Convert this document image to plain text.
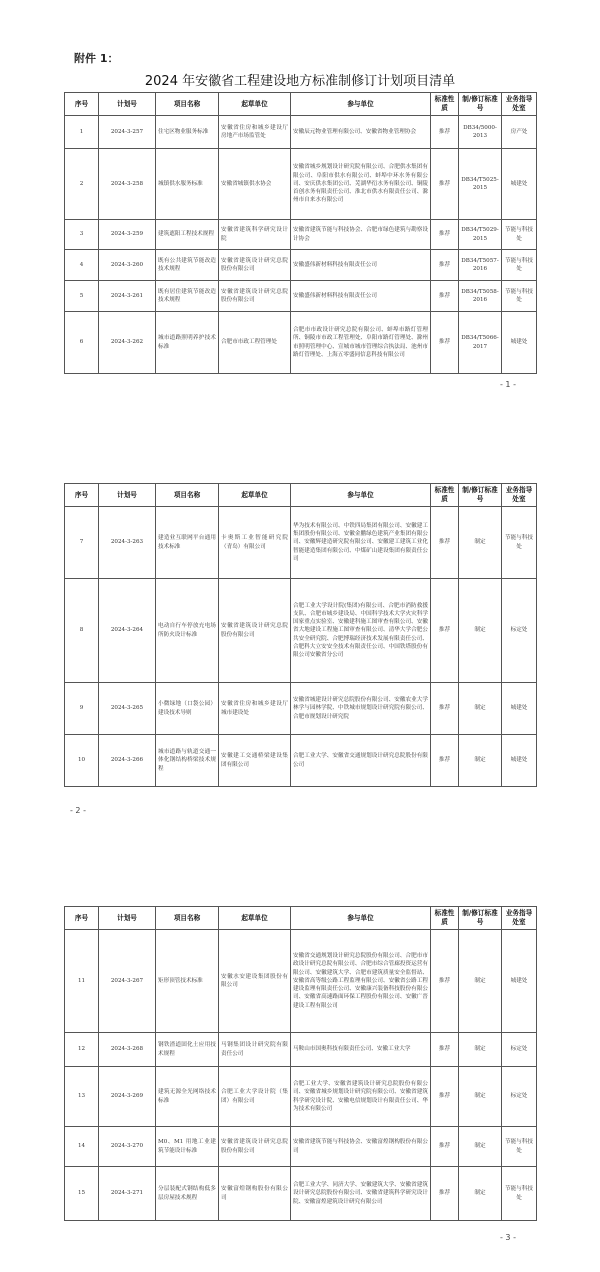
附件 1：
2024 年安徽省工程建设地方标准制修订计划项目清单
序号	计划号	项目名称	起草单位	参与单位	标准性质	制/修订标准号	业务指导处室
1	2024-3-257	住宅区物业服务标准	安徽省住房和城乡建设厅房地产市场监管处	安徽辰元物业管理有限公司、安徽省物业管理协会	推荐	DB34/5000-2013	房产处
2	2024-3-258	城镇供水服务标准	安徽省城镇供水协会	安徽省城乡规划设计研究院有限公司、合肥供水集团有限公司、阜阳市供水有限公司、蚌埠中环水务有限公司、安庆供水集团公司、芜湖华衍水务有限公司、铜陵首创水务有限责任公司、淮北市供水有限责任公司、滁州市自来水有限公司	推荐	DB34/T5025-2015	城建处
3	2024-3-259	建筑遮阳工程技术规程	安徽省建筑科学研究设计院	安徽省建筑节能与科技协会、合肥市绿色建筑与勘察设计协会	推荐	DB34/T5029-2015	节能与科技处
4	2024-3-260	既有公共建筑节能改造技术规程	安徽省建筑设计研究总院股份有限公司	安徽盛伟新材料科技有限责任公司	推荐	DB34/T5057-2016	节能与科技处
5	2024-3-261	既有居住建筑节能改造技术规程	安徽省建筑设计研究总院股份有限公司	安徽盛伟新材料科技有限责任公司	推荐	DB34/T5058-2016	节能与科技处
6	2024-3-262	城市道路照明养护技术标准	合肥市市政工程管理处	合肥市市政设计研究总院有限公司、蚌埠市路灯管理所、铜陵市市政工程管理处、阜阳市路灯管理处、滁州市照明管理中心、宣城市城市管理综合执法局、池州市路灯管理处、上海五零盛同信息科技有限公司	推荐	DB34/T5066-2017	城建处
- 1 -
序号	计划号	项目名称	起草单位	参与单位	标准性质	制/修订标准号	业务指导处室
7	2024-3-263	建造业互联网平台通用技术标准	卡奥斯工业智能研究院（青岛）有限公司	华为技术有限公司、中铁四局集团有限公司、安徽建工集团股份有限公司、安徽金鹏绿色建筑产业集团有限公司、安徽辉建造研究院有限公司、安徽建工建筑工业化智能建造集团有限公司、中煤矿山建设集团有限责任公司	推荐	制定	节能与科技处
8	2024-3-264	电动自行车停放充电场所防火设计标准	安徽省建筑设计研究总院股份有限公司	合肥工业大学设计院(集团)有限公司、合肥市消防救援支队、合肥市城乡建设局、中国科学技术大学火灾科学国家重点实验室、安徽建科施工图审查有限公司、安徽省大地建设工程施工图审查有限公司、清华大学合肥公共安全研究院、合肥博瑞经济技术发展有限责任公司、合肥科大立安安全技术有限责任公司、中国铁塔股份有限公司安徽省分公司	推荐	制定	标定处
9	2024-3-265	小微绿地（口袋公园）建设技术导则	安徽省住房和城乡建设厅城市建设处	安徽省城建设计研究总院股份有限公司、安徽农业大学林学与园林学院、中铁城市规划设计研究院有限公司、合肥市规划设计研究院	推荐	制定	城建处
10	2024-3-266	城市道路与轨道交通一体化钢结构桥梁技术规程	安徽建工交通桥梁建设集团有限公司	合肥工业大学、安徽省交通规划设计研究总院股份有限公司	推荐	制定	城建处
- 2 -
序号	计划号	项目名称	起草单位	参与单位	标准性质	制/修订标准号	业务指导处室
11	2024-3-267	矩形顶管技术标准	安徽水安建设集团股份有限公司	安徽省交通规划设计研究总院股份有限公司、合肥市市政设计研究总院有限公司、合肥市综合管廊投资运营有限公司、安徽建筑大学、合肥市建筑质量安全监督站、安徽省高等级公路工程监理有限公司、安徽省公路工程建设监理有限责任公司、安徽康兴装备科技股份有限公司、安徽省高速路面环保工程股份有限公司、安徽广晋建设工程有限公司	推荐	制定	城建处
12	2024-3-268	钢铁渣道固化土应用技术规程	马钢集团设计研究院有限责任公司	马鞍山市国奥科技有限责任公司、安徽工业大学	推荐	制定	标定处
13	2024-3-269	建筑无源全光网络技术标准	合肥工业大学设计院（集团）有限公司	合肥工业大学、安徽省建筑设计研究总院股份有限公司、安徽省城乡规划设计研究院有限公司、安徽省建筑科学研究设计院、安徽电信规划设计有限责任公司、华为技术有限公司	推荐	制定	标定处
14	2024-3-270	M0、M1 用地工业建筑节能设计标准	安徽省建筑设计研究总院股份有限公司	安徽省建筑节能与科技协会、安徽富煌钢构股份有限公司	推荐	制定	节能与科技处
15	2024-3-271	分层装配式钢结构低多层房屋技术规程	安徽富煌钢构股份有限公司	合肥工业大学、同济大学、安徽建筑大学、安徽省建筑设计研究总院股份有限公司、安徽省建筑科学研究设计院、安徽富煌建筑设计研究有限公司	推荐	制定	节能与科技处
- 3 -
